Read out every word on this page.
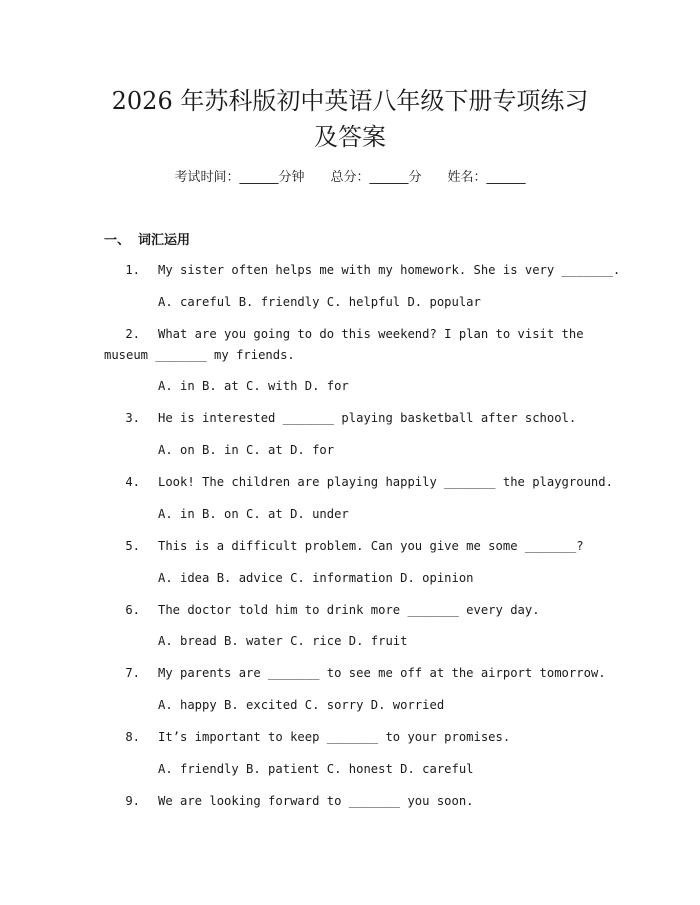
2026 年苏科版初中英语八年级下册专项练习
及答案
考试时间：______分钟 总分：______分 姓名：______
一、 词汇运用
1. My sister often helps me with my homework. She is very _______.
A. careful B. friendly C. helpful D. popular
2. What are you going to do this weekend? I plan to visit the
museum _______ my friends.
A. in B. at C. with D. for
3. He is interested _______ playing basketball after school.
A. on B. in C. at D. for
4. Look! The children are playing happily _______ the playground.
A. in B. on C. at D. under
5. This is a difficult problem. Can you give me some _______?
A. idea B. advice C. information D. opinion
6. The doctor told him to drink more _______ every day.
A. bread B. water C. rice D. fruit
7. My parents are _______ to see me off at the airport tomorrow.
A. happy B. excited C. sorry D. worried
8. It’s important to keep _______ to your promises.
A. friendly B. patient C. honest D. careful
9. We are looking forward to _______ you soon.
